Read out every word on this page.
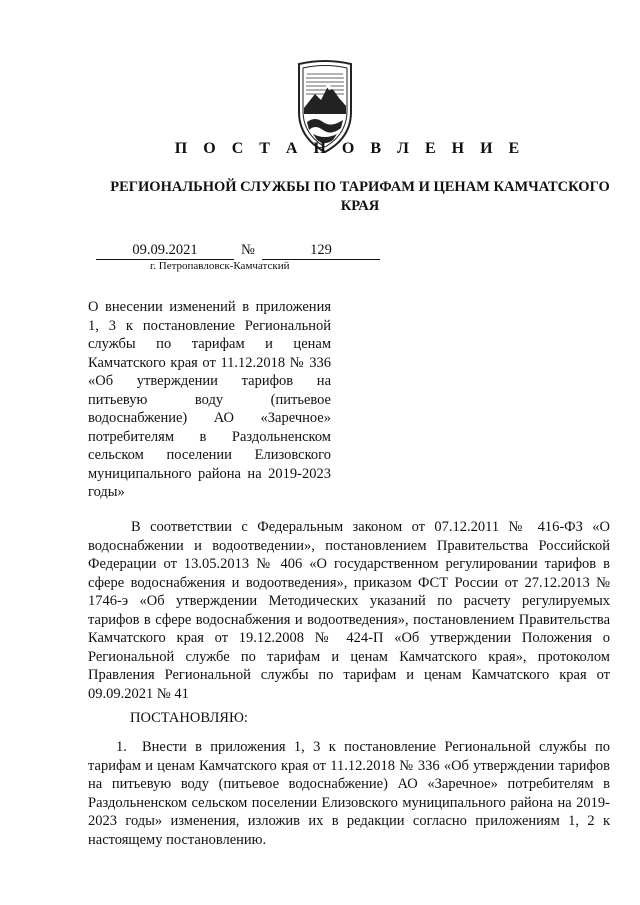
П О С Т А Н О В Л Е Н И Е
РЕГИОНАЛЬНОЙ СЛУЖБЫ ПО ТАРИФАМ И ЦЕНАМ КАМЧАТСКОГО КРАЯ
09.09.2021	№	129
г. Петропавловск-Камчатский
О внесении изменений в приложения 1, 3 к постановление Региональной службы по тарифам и ценам Камчатского края от 11.12.2018 № 336 «Об утверждении тарифов на питьевую воду (питьевое водоснабжение) АО «Заречное» потребителям в Раздольненском сельском поселении Елизовского муниципального района на 2019-2023 годы»
В соответствии с Федеральным законом от 07.12.2011 № 416-ФЗ «О водоснабжении и водоотведении», постановлением Правительства Российской Федерации от 13.05.2013 № 406 «О государственном регулировании тарифов в сфере водоснабжения и водоотведения», приказом ФСТ России от 27.12.2013 № 1746-э «Об утверждении Методических указаний по расчету регулируемых тарифов в сфере водоснабжения и водоотведения», постановлением Правительства Камчатского края от 19.12.2008 № 424-П «Об утверждении Положения о Региональной службе по тарифам и ценам Камчатского края», протоколом Правления Региональной службы по тарифам и ценам Камчатского края от 09.09.2021 № 41
ПОСТАНОВЛЯЮ:
1. Внести в приложения 1, 3 к постановление Региональной службы по тарифам и ценам Камчатского края от 11.12.2018 № 336 «Об утверждении тарифов на питьевую воду (питьевое водоснабжение) АО «Заречное» потребителям в Раздольненском сельском поселении Елизовского муниципального района на 2019-2023 годы» изменения, изложив их в редакции согласно приложениям 1, 2 к настоящему постановлению.
